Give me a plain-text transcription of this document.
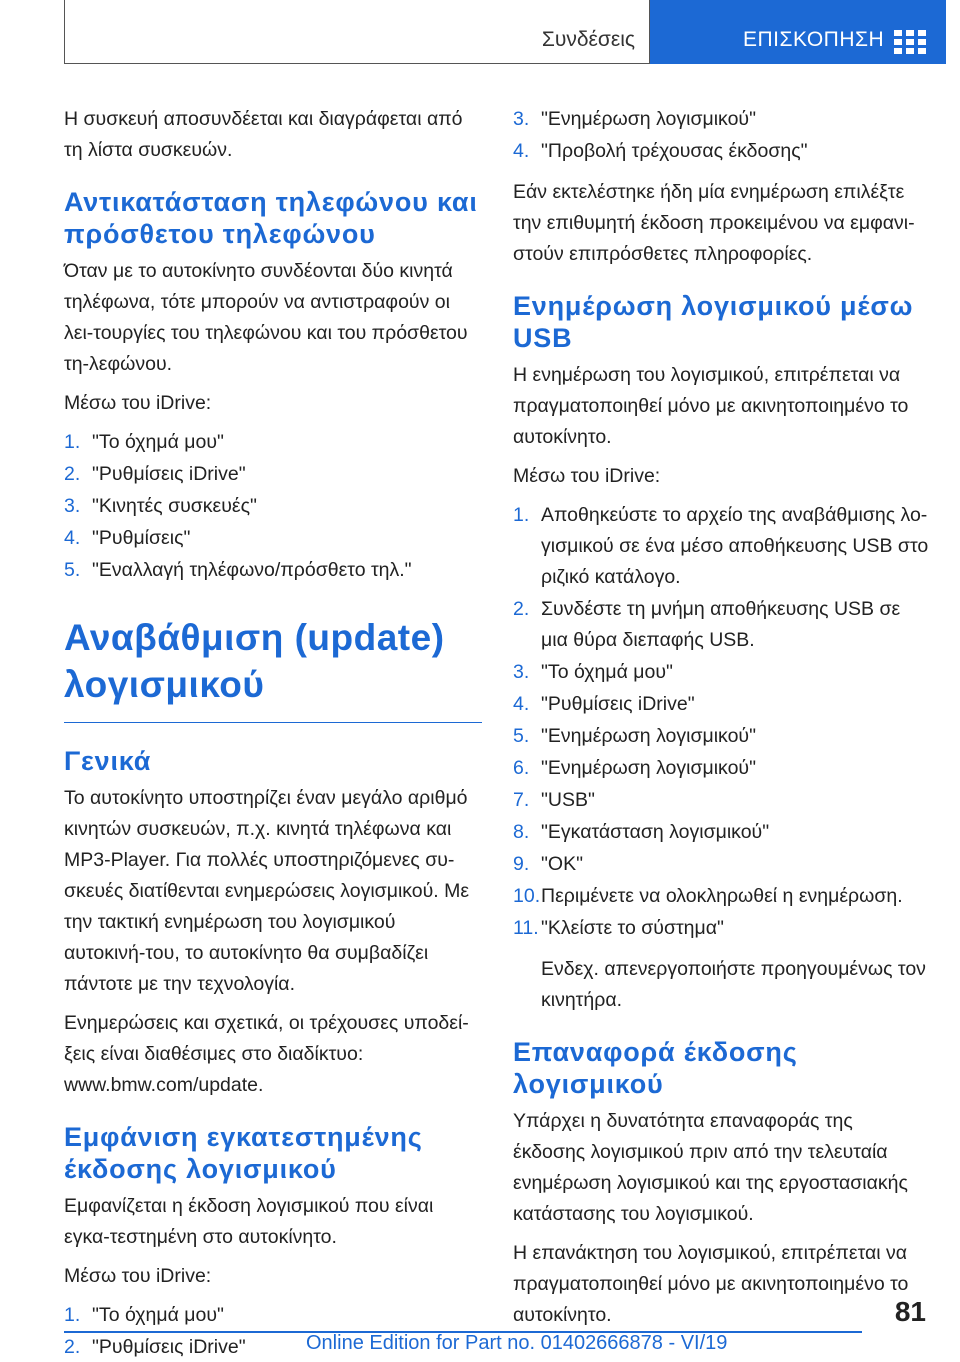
Συνδέσεις	ΕΠΙΣΚΟΠΗΣΗ

Η συσκευή αποσυνδέεται και διαγράφεται από τη λίστα συσκευών.

Αντικατάσταση τηλεφώνου και πρόσθετου τηλεφώνου

Όταν με το αυτοκίνητο συνδέονται δύο κινητά τηλέφωνα, τότε μπορούν να αντιστραφούν οι λει-τουργίες του τηλεφώνου και του πρόσθετου τη-λεφώνου.

Μέσω του iDrive:

1. "Το όχημά μου"
2. "Ρυθμίσεις iDrive"
3. "Κινητές συσκευές"
4. "Ρυθμίσεις"
5. "Εναλλαγή τηλέφωνο/πρόσθετο τηλ."
Αναβάθμιση (update) λογισμικού
Γενικά

Το αυτοκίνητο υποστηρίζει έναν μεγάλο αριθμό κινητών συσκευών, π.χ. κινητά τηλέφωνα και MP3-Player. Για πολλές υποστηριζόμενες συ-σκευές διατίθενται ενημερώσεις λογισμικού. Με την τακτική ενημέρωση του λογισμικού αυτοκινή-του, το αυτοκίνητο θα συμβαδίζει πάντοτε με την τεχνολογία.

Ενημερώσεις και σχετικά, οι τρέχουσες υποδεί-ξεις είναι διαθέσιμες στο διαδίκτυο: www.bmw.com/update.

Εμφάνιση εγκατεστημένης έκδοσης λογισμικού

Εμφανίζεται η έκδοση λογισμικού που είναι εγκα-τεστημένη στο αυτοκίνητο.

Μέσω του iDrive:

1. "Το όχημά μου"
2. "Ρυθμίσεις iDrive"
3. "Ενημέρωση λογισμικού"
4. "Προβολή τρέχουσας έκδοσης"

Εάν εκτελέστηκε ήδη μία ενημέρωση επιλέξτε την επιθυμητή έκδοση προκειμένου να εμφανι-στούν επιπρόσθετες πληροφορίες.

Ενημέρωση λογισμικού μέσω USB

Η ενημέρωση του λογισμικού, επιτρέπεται να πραγματοποιηθεί μόνο με ακινητοποιημένο το αυτοκίνητο.

Μέσω του iDrive:

1. Αποθηκεύστε το αρχείο της αναβάθμισης λο-γισμικού σε ένα μέσο αποθήκευσης USB στο ριζικό κατάλογο.
2. Συνδέστε τη μνήμη αποθήκευσης USB σε μια θύρα διεπαφής USB.
3. "Το όχημά μου"
4. "Ρυθμίσεις iDrive"
5. "Ενημέρωση λογισμικού"
6. "Ενημέρωση λογισμικού"
7. "USB"
8. "Εγκατάσταση λογισμικού"
9. "OK"
10. Περιμένετε να ολοκληρωθεί η ενημέρωση.
11. "Κλείστε το σύστημα"

Ενδεχ. απενεργοποιήστε προηγουμένως τον κινητήρα.

Επαναφορά έκδοσης λογισμικού

Υπάρχει η δυνατότητα επαναφοράς της έκδοσης λογισμικού πριν από την τελευταία ενημέρωση λογισμικού και της εργοστασιακής κατάστασης του λογισμικού.

Η επανάκτηση του λογισμικού, επιτρέπεται να πραγματοποιηθεί μόνο με ακινητοποιημένο το αυτοκίνητο.	81
Online Edition for Part no. 01402666878 - VI/19
